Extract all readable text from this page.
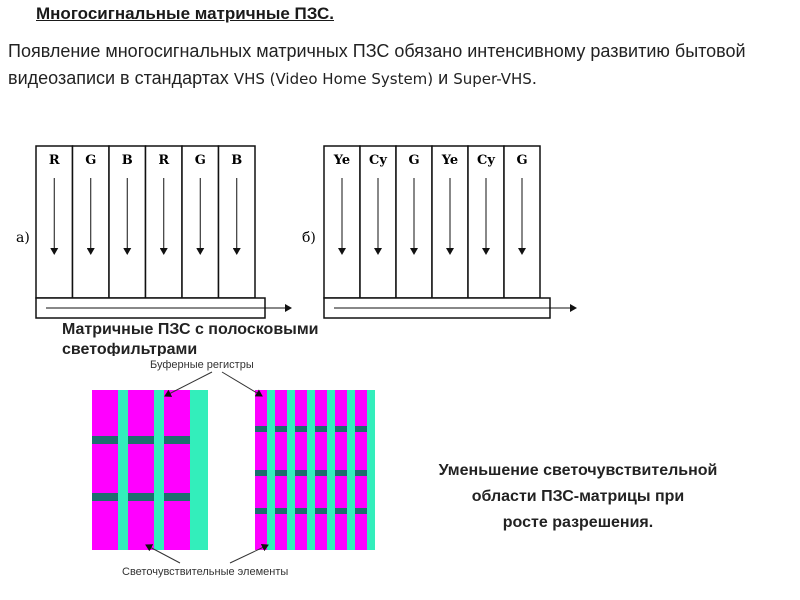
Многосигнальные матричные ПЗС.
Появление многосигнальных матричных ПЗС обязано интенсивному развитию бытовой видеозаписи в стандартах VHS (Video Home System) и Super-VHS.
а)
R G B R G B
б)
Ye Cy G Ye Cy G
Буферные регистры
Светочувствительные элементы
Матричные ПЗС с полосковыми светофильтрами
Уменьшение светочувствительной
области ПЗС-матрицы при
росте разрешения.
